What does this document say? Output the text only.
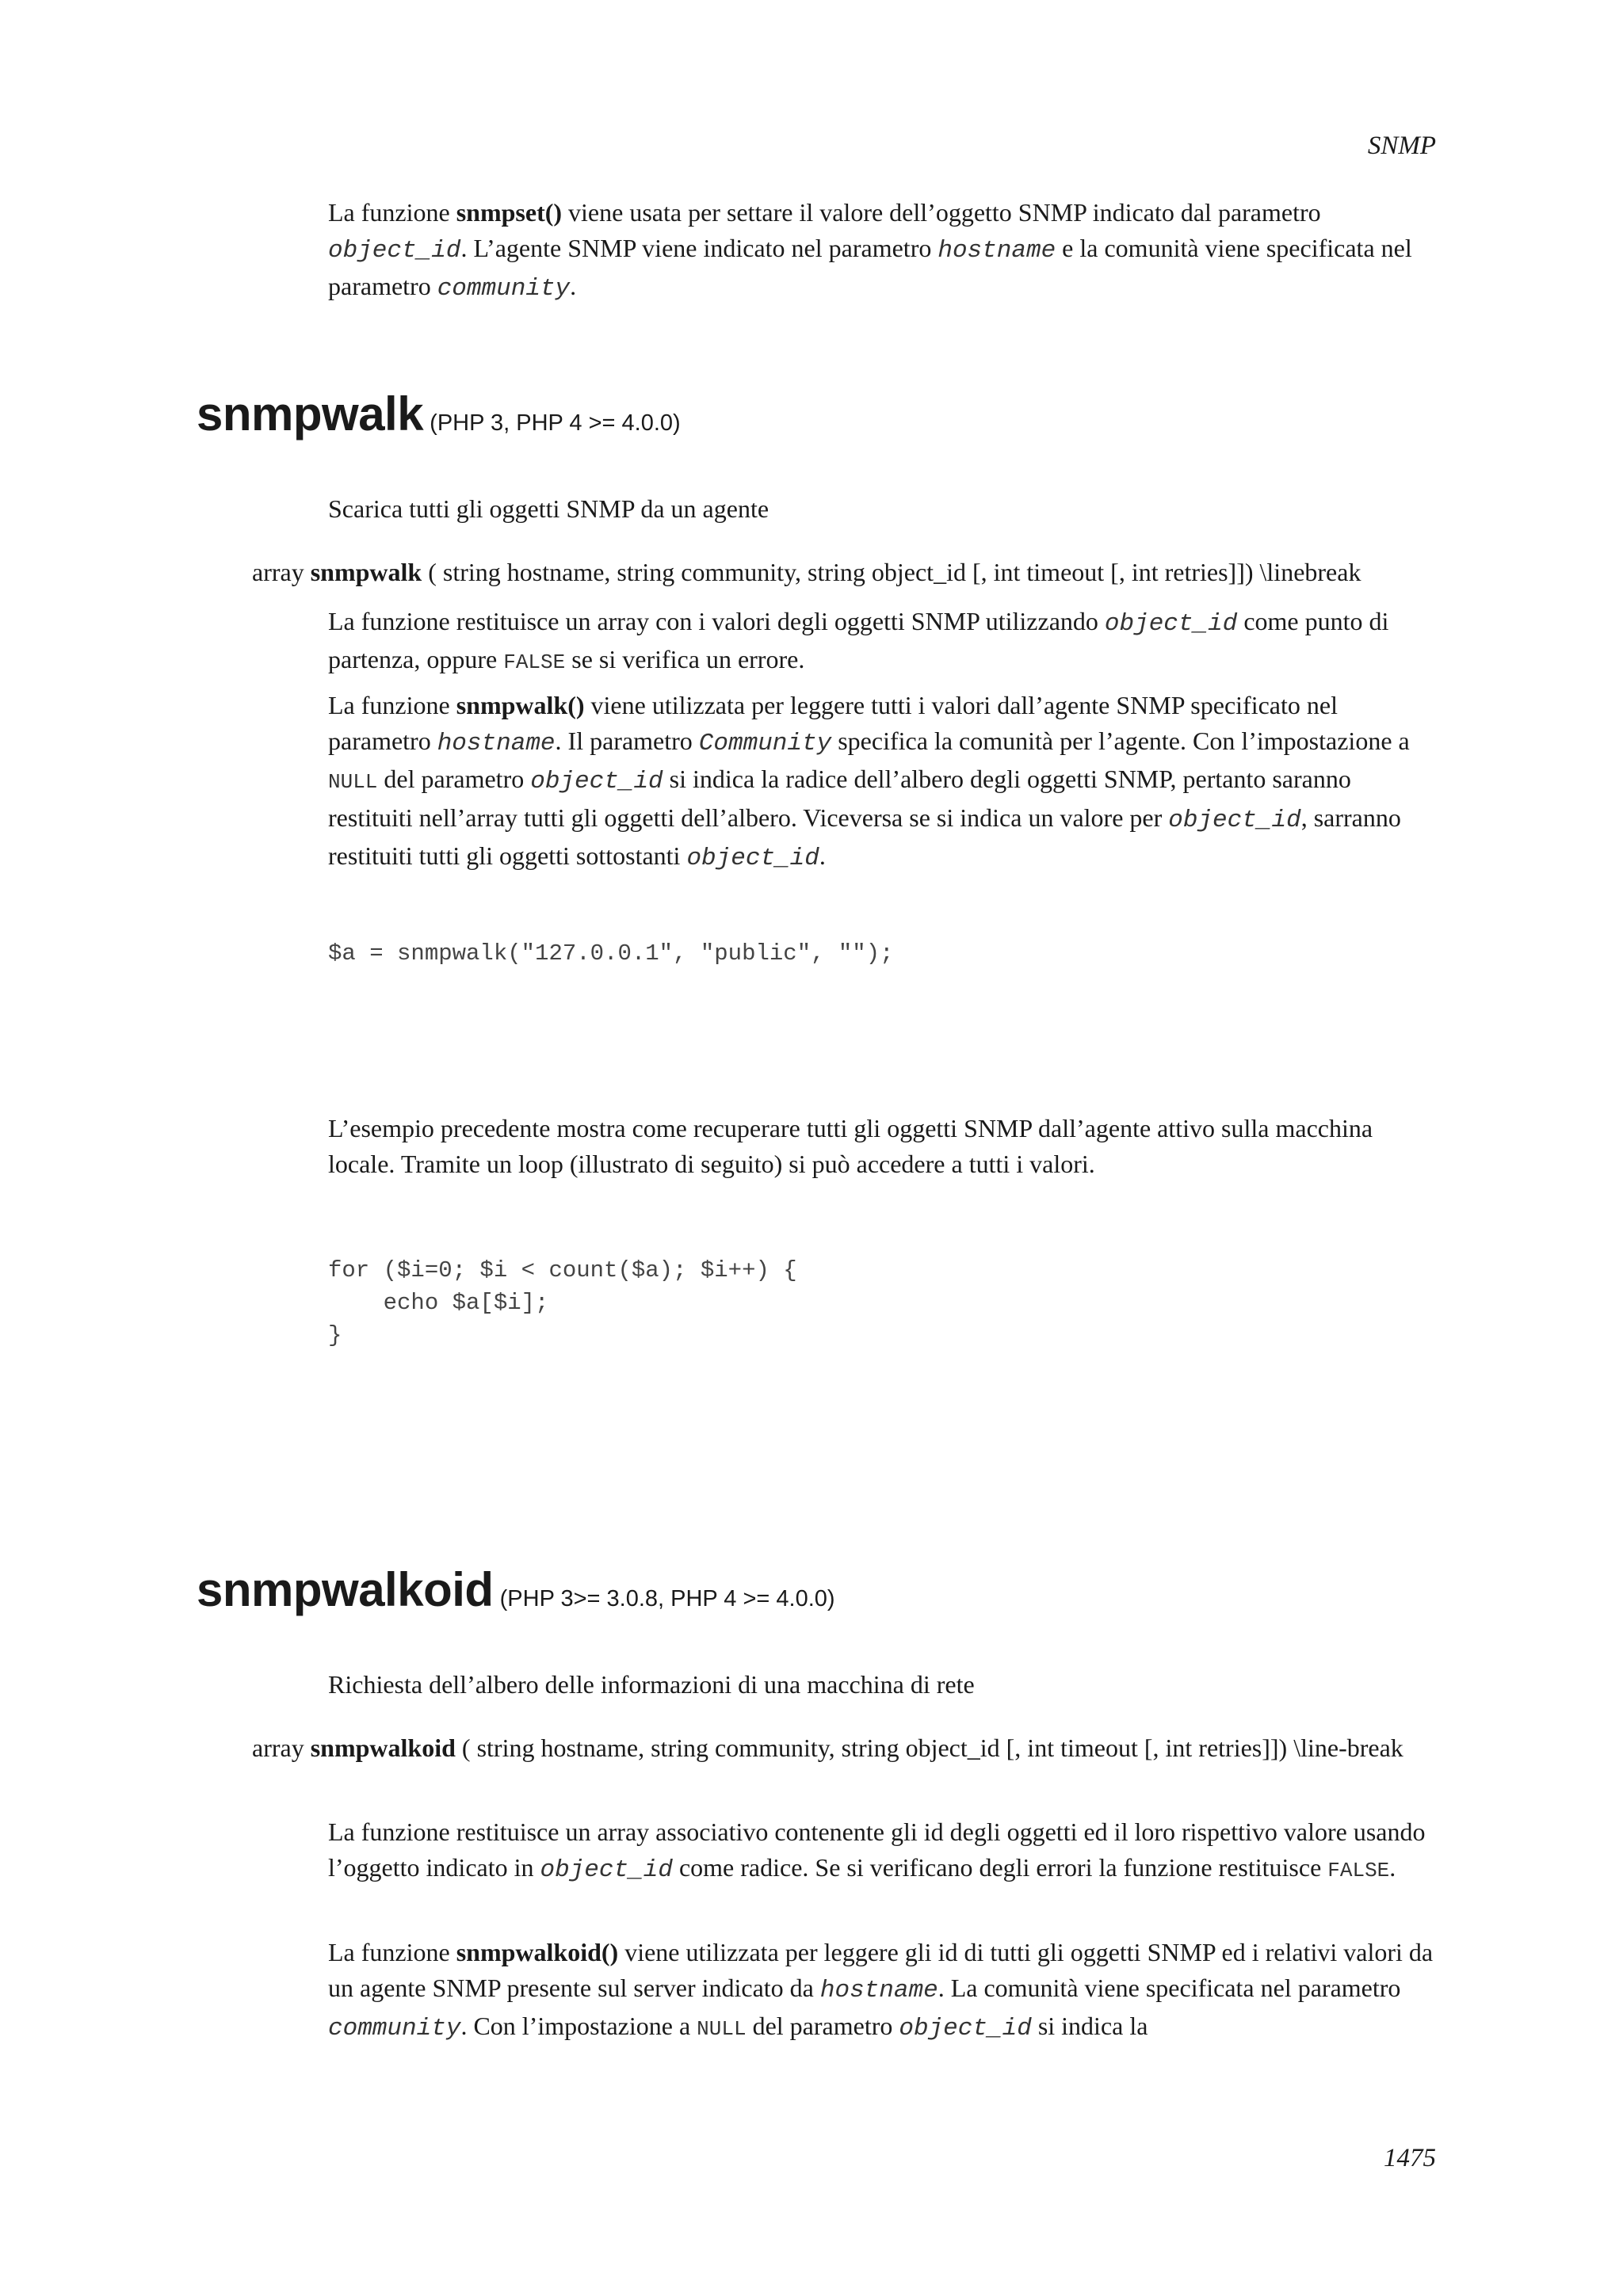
SNMP
La funzione snmpset() viene usata per settare il valore dell’oggetto SNMP indicato dal parametro object_id. L’agente SNMP viene indicato nel parametro hostname e la comunità viene specificata nel parametro community.
snmpwalk (PHP 3, PHP 4 >= 4.0.0)
Scarica tutti gli oggetti SNMP da un agente
array snmpwalk ( string hostname, string community, string object_id [, int timeout [, int retries]]) \linebreak
La funzione restituisce un array con i valori degli oggetti SNMP utilizzando object_id come punto di partenza, oppure FALSE se si verifica un errore.
La funzione snmpwalk() viene utilizzata per leggere tutti i valori dall’agente SNMP specificato nel parametro hostname. Il parametro Community specifica la comunità per l’agente. Con l’impostazione a NULL del parametro object_id si indica la radice dell’albero degli oggetti SNMP, pertanto saranno restituiti nell’array tutti gli oggetti dell’albero. Viceversa se si indica un valore per object_id, sarranno restituiti tutti gli oggetti sottostanti object_id.
$a = snmpwalk("127.0.0.1", "public", "");
L’esempio precedente mostra come recuperare tutti gli oggetti SNMP dall’agente attivo sulla macchina locale. Tramite un loop (illustrato di seguito) si può accedere a tutti i valori.
for ($i=0; $i < count($a); $i++) {
echo $a[$i];
}
snmpwalkoid (PHP 3>= 3.0.8, PHP 4 >= 4.0.0)
Richiesta dell’albero delle informazioni di una macchina di rete
array snmpwalkoid ( string hostname, string community, string object_id [, int timeout [, int retries]]) \line-break
La funzione restituisce un array associativo contenente gli id degli oggetti ed il loro rispettivo valore usando l’oggetto indicato in object_id come radice. Se si verificano degli errori la funzione restituisce FALSE.
La funzione snmpwalkoid() viene utilizzata per leggere gli id di tutti gli oggetti SNMP ed i relativi valori da un agente SNMP presente sul server indicato da hostname. La comunità viene specificata nel parametro community. Con l’impostazione a NULL del parametro object_id si indica la
1475
